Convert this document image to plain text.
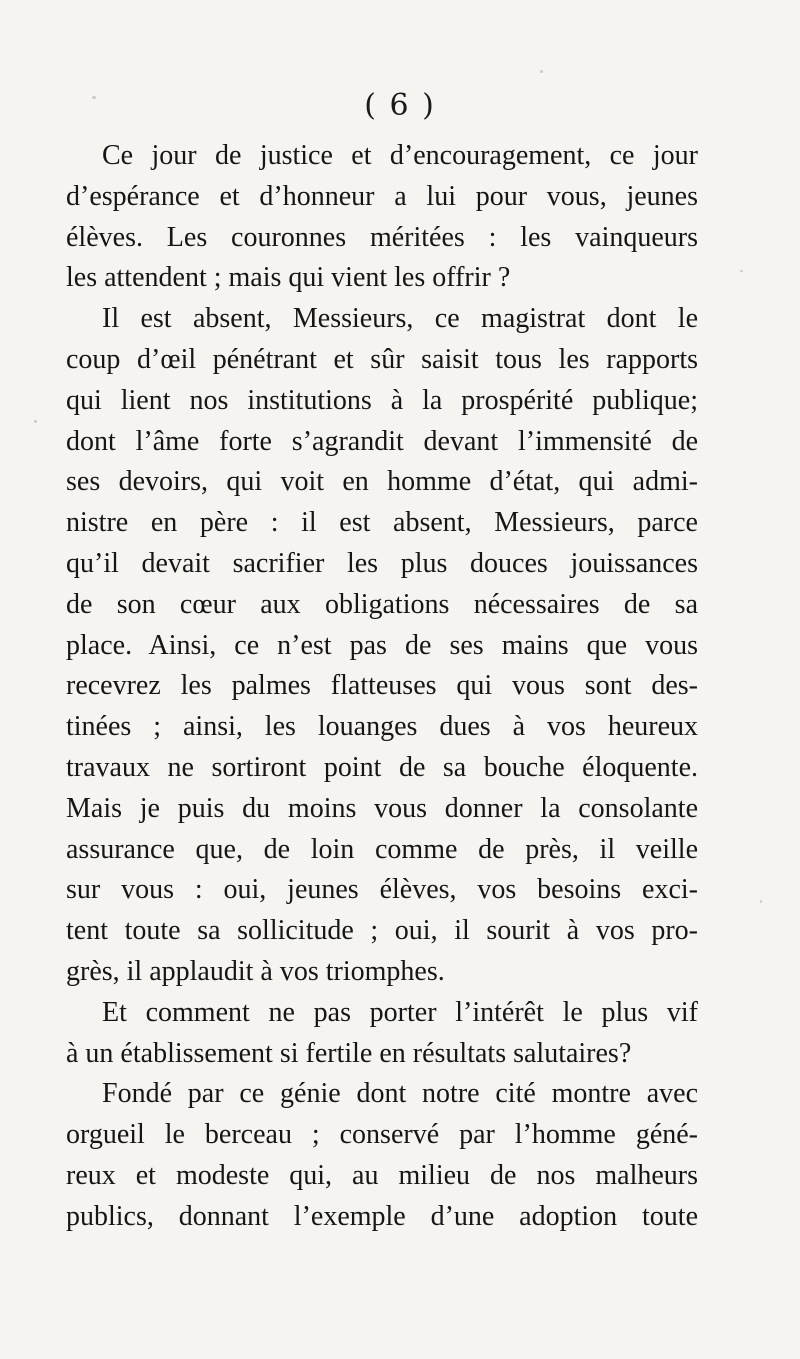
( 6 )
Ce jour de justice et d’encouragement, ce jour
d’espérance et d’honneur a lui pour vous, jeunes
élèves. Les couronnes méritées : les vainqueurs
les attendent ; mais qui vient les offrir ?
Il est absent, Messieurs, ce magistrat dont le
coup d’œil pénétrant et sûr saisit tous les rapports
qui lient nos institutions à la prospérité publique;
dont l’âme forte s’agrandit devant l’immensité de
ses devoirs, qui voit en homme d’état, qui admi-
nistre en père : il est absent, Messieurs, parce
qu’il devait sacrifier les plus douces jouissances
de son cœur aux obligations nécessaires de sa
place. Ainsi, ce n’est pas de ses mains que vous
recevrez les palmes flatteuses qui vous sont des-
tinées ; ainsi, les louanges dues à vos heureux
travaux ne sortiront point de sa bouche éloquente.
Mais je puis du moins vous donner la consolante
assurance que, de loin comme de près, il veille
sur vous : oui, jeunes élèves, vos besoins exci-
tent toute sa sollicitude ; oui, il sourit à vos pro-
grès, il applaudit à vos triomphes.
Et comment ne pas porter l’intérêt le plus vif
à un établissement si fertile en résultats salutaires?
Fondé par ce génie dont notre cité montre avec
orgueil le berceau ; conservé par l’homme géné-
reux et modeste qui, au milieu de nos malheurs
publics, donnant l’exemple d’une adoption toute
